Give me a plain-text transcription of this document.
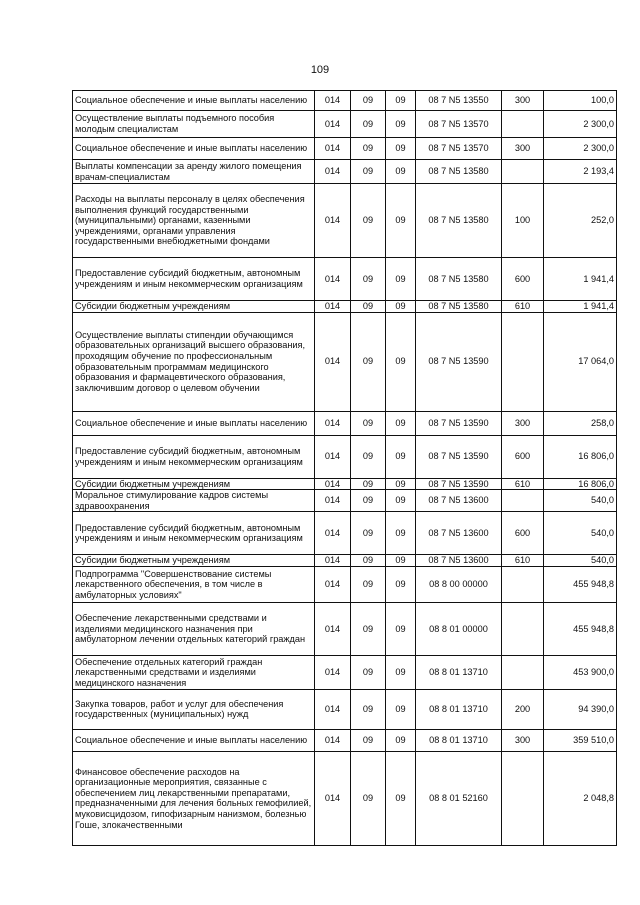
109
Социальное обеспечение и иные выплаты населению	014	09	09	08 7 N5 13550	300	100,0
Осуществление выплаты подъемного пособия молодым специалистам	014	09	09	08 7 N5 13570		2 300,0
Социальное обеспечение и иные выплаты населению	014	09	09	08 7 N5 13570	300	2 300,0
Выплаты компенсации за аренду жилого помещения врачам-специалистам	014	09	09	08 7 N5 13580		2 193,4
Расходы на выплаты персоналу в целях обеспечения выполнения функций государственными (муниципальными) органами, казенными учреждениями, органами управления государственными внебюджетными фондами	014	09	09	08 7 N5 13580	100	252,0
Предоставление субсидий бюджетным, автономным учреждениям и иным некоммерческим организациям	014	09	09	08 7 N5 13580	600	1 941,4
Субсидии бюджетным учреждениям	014	09	09	08 7 N5 13580	610	1 941,4
Осуществление выплаты стипендии обучающимся образовательных организаций высшего образования, проходящим обучение по профессиональным образовательным программам медицинского образования и фармацевтического образования, заключившим договор о целевом обучении	014	09	09	08 7 N5 13590		17 064,0
Социальное обеспечение и иные выплаты населению	014	09	09	08 7 N5 13590	300	258,0
Предоставление субсидий бюджетным, автономным учреждениям и иным некоммерческим организациям	014	09	09	08 7 N5 13590	600	16 806,0
Субсидии бюджетным учреждениям	014	09	09	08 7 N5 13590	610	16 806,0
Моральное стимулирование кадров системы здравоохранения	014	09	09	08 7 N5 13600		540,0
Предоставление субсидий бюджетным, автономным учреждениям и иным некоммерческим организациям	014	09	09	08 7 N5 13600	600	540,0
Субсидии бюджетным учреждениям	014	09	09	08 7 N5 13600	610	540,0
Подпрограмма "Совершенствование системы лекарственного обеспечения, в том числе в амбулаторных условиях"	014	09	09	08 8 00 00000		455 948,8
Обеспечение лекарственными средствами и изделиями медицинского назначения при амбулаторном лечении отдельных категорий граждан	014	09	09	08 8 01 00000		455 948,8
Обеспечение отдельных категорий граждан лекарственными средствами и изделиями медицинского назначения	014	09	09	08 8 01 13710		453 900,0
Закупка товаров, работ и услуг для обеспечения государственных (муниципальных) нужд	014	09	09	08 8 01 13710	200	94 390,0
Социальное обеспечение и иные выплаты населению	014	09	09	08 8 01 13710	300	359 510,0
Финансовое обеспечение расходов на организационные мероприятия, связанные с обеспечением лиц лекарственными препаратами, предназначенными для лечения больных гемофилией, муковисцидозом, гипофизарным нанизмом, болезнью Гоше, злокачественными	014	09	09	08 8 01 52160		2 048,8
